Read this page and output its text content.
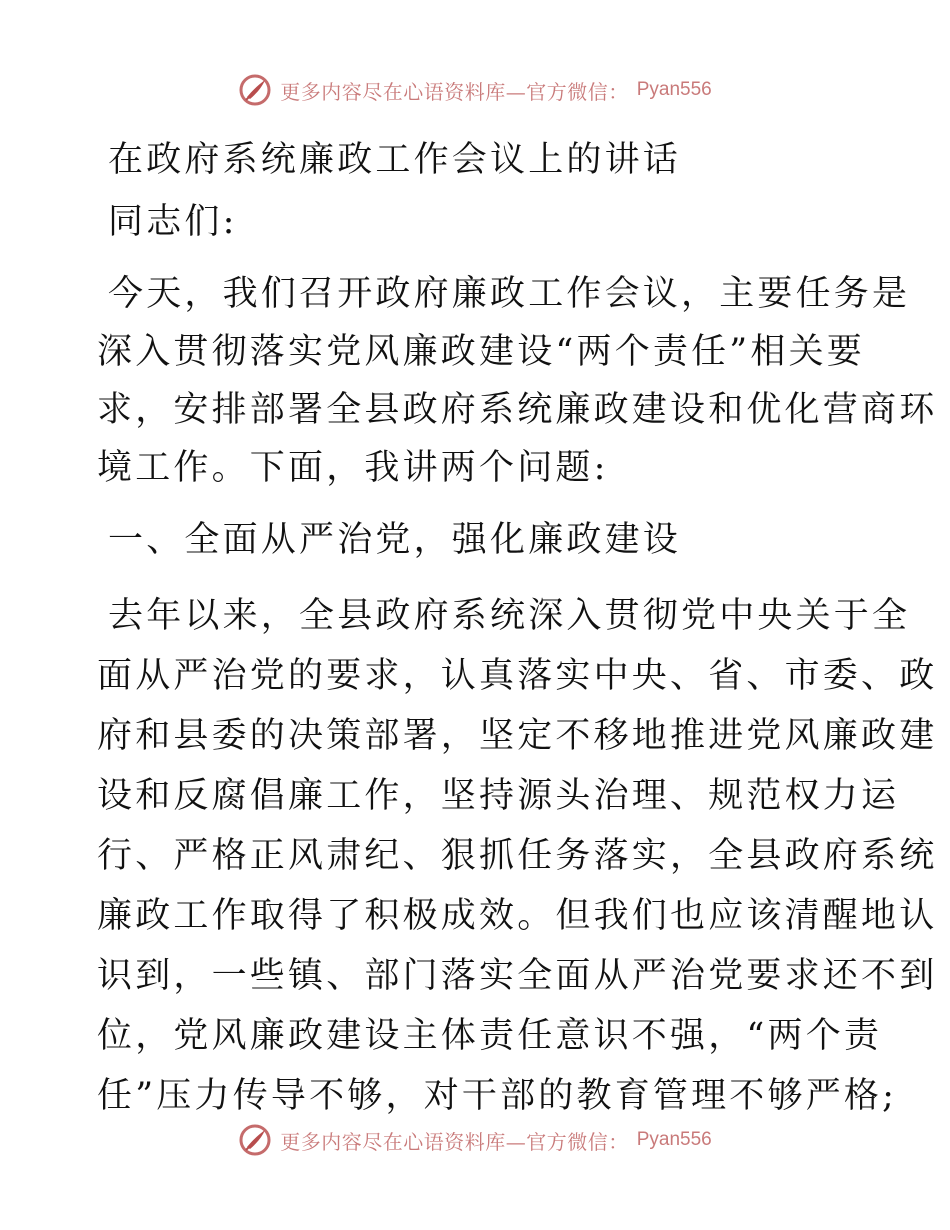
更多内容尽在心语资料库—官方微信： Pyan556
在政府系统廉政工作会议上的讲话
同志们:
今天，我们召开政府廉政工作会议，主要任务是
深入贯彻落实党风廉政建设“两个责任”相关要
求，安排部署全县政府系统廉政建设和优化营商环
境工作。下面，我讲两个问题:
一、全面从严治党，强化廉政建设
去年以来，全县政府系统深入贯彻党中央关于全
面从严治党的要求，认真落实中央、省、市委、政
府和县委的决策部署，坚定不移地推进党风廉政建
设和反腐倡廉工作，坚持源头治理、规范权力运
行、严格正风肃纪、狠抓任务落实，全县政府系统
廉政工作取得了积极成效。但我们也应该清醒地认
识到，一些镇、部门落实全面从严治党要求还不到
位，党风廉政建设主体责任意识不强，“两个责
任”压力传导不够，对干部的教育管理不够严格;
更多内容尽在心语资料库—官方微信： Pyan556
